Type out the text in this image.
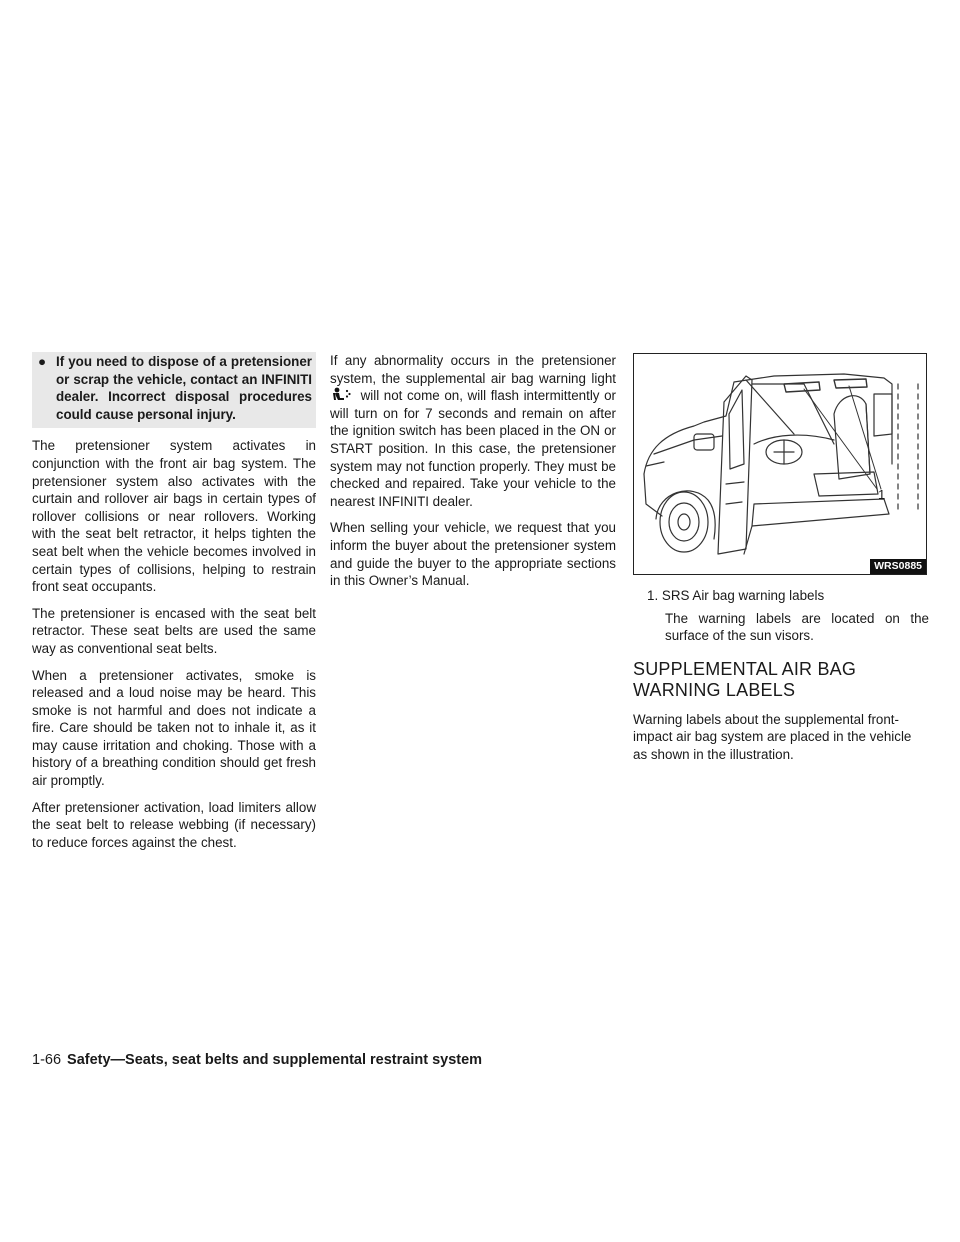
● If you need to dispose of a pretensioner or scrap the vehicle, contact an INFINITI dealer. Incorrect disposal procedures could cause personal injury.

The pretensioner system activates in conjunction with the front air bag system. The pretensioner system also activates with the curtain and rollover air bags in certain types of rollover collisions or near rollovers. Working with the seat belt retractor, it helps tighten the seat belt when the vehicle becomes involved in certain types of collisions, helping to restrain front seat occupants.

The pretensioner is encased with the seat belt retractor. These seat belts are used the same way as conventional seat belts.

When a pretensioner activates, smoke is released and a loud noise may be heard. This smoke is not harmful and does not indicate a fire. Care should be taken not to inhale it, as it may cause irritation and choking. Those with a history of a breathing condition should get fresh air promptly.

After pretensioner activation, load limiters allow the seat belt to release webbing (if necessary) to reduce forces against the chest.

If any abnormality occurs in the pretensioner system, the supplemental air bag warning light  will not come on, will flash intermittently or will turn on for 7 seconds and remain on after the ignition switch has been placed in the ON or START position. In this case, the pretensioner system may not function properly. They must be checked and repaired. Take your vehicle to the nearest INFINITI dealer.

When selling your vehicle, we request that you inform the buyer about the pretensioner system and guide the buyer to the appropriate sections in this Owner’s Manual.

1
WRS0885
1. SRS Air bag warning labels
The warning labels are located on the surface of the sun visors.
SUPPLEMENTAL AIR BAG
WARNING LABELS

Warning labels about the supplemental front-impact air bag system are placed in the vehicle as shown in the illustration.

1-66 Safety—Seats, seat belts and supplemental restraint system
